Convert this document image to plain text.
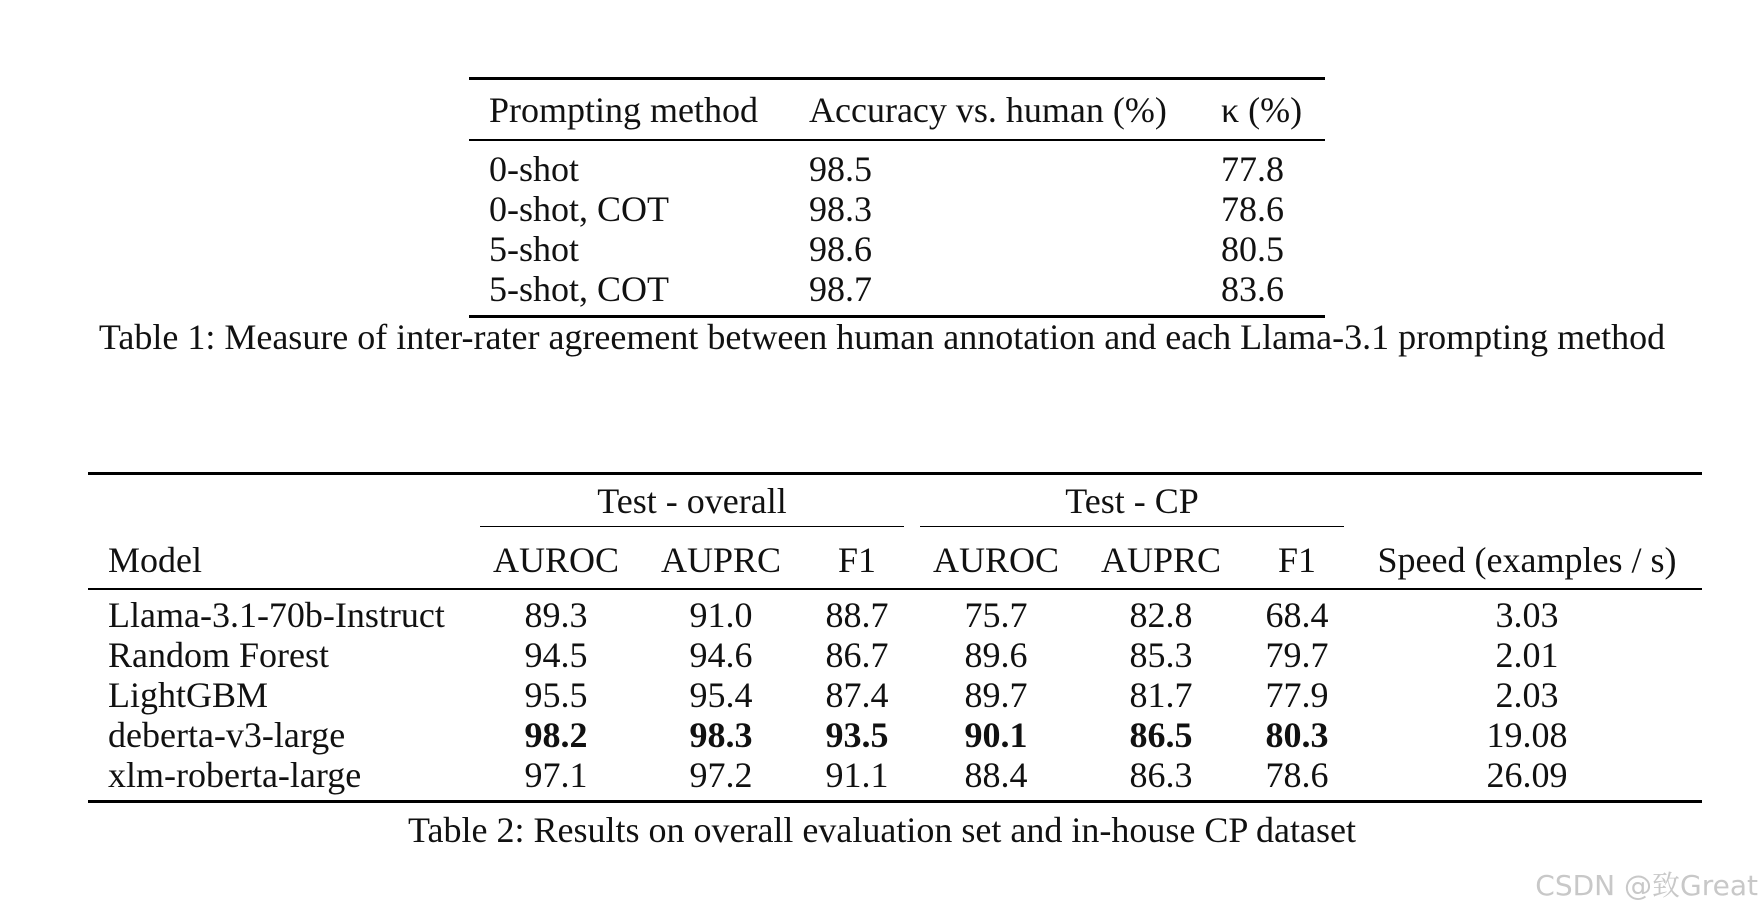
Prompting method	Accuracy vs. human (%)	κ (%)
0-shot	98.5	77.8
0-shot, COT	98.3	78.6
5-shot	98.6	80.5
5-shot, COT	98.7	83.6
Table 1: Measure of inter-rater agreement between human annotation and each Llama-3.1 prompting method

	Test - overall			Test - CP			

Model	AUROC	AUPRC	F1	AUROC	AUPRC	F1	Speed (examples / s)
Llama-3.1-70b-Instruct	89.3	91.0	88.7	75.7	82.8	68.4	3.03
Random Forest	94.5	94.6	86.7	89.6	85.3	79.7	2.01
LightGBM	95.5	95.4	87.4	89.7	81.7	77.9	2.03
deberta-v3-large	98.2	98.3	93.5	90.1	86.5	80.3	19.08
xlm-roberta-large	97.1	97.2	91.1	88.4	86.3	78.6	26.09
Table 2: Results on overall evaluation set and in-house CP dataset
CSDN @致Great
